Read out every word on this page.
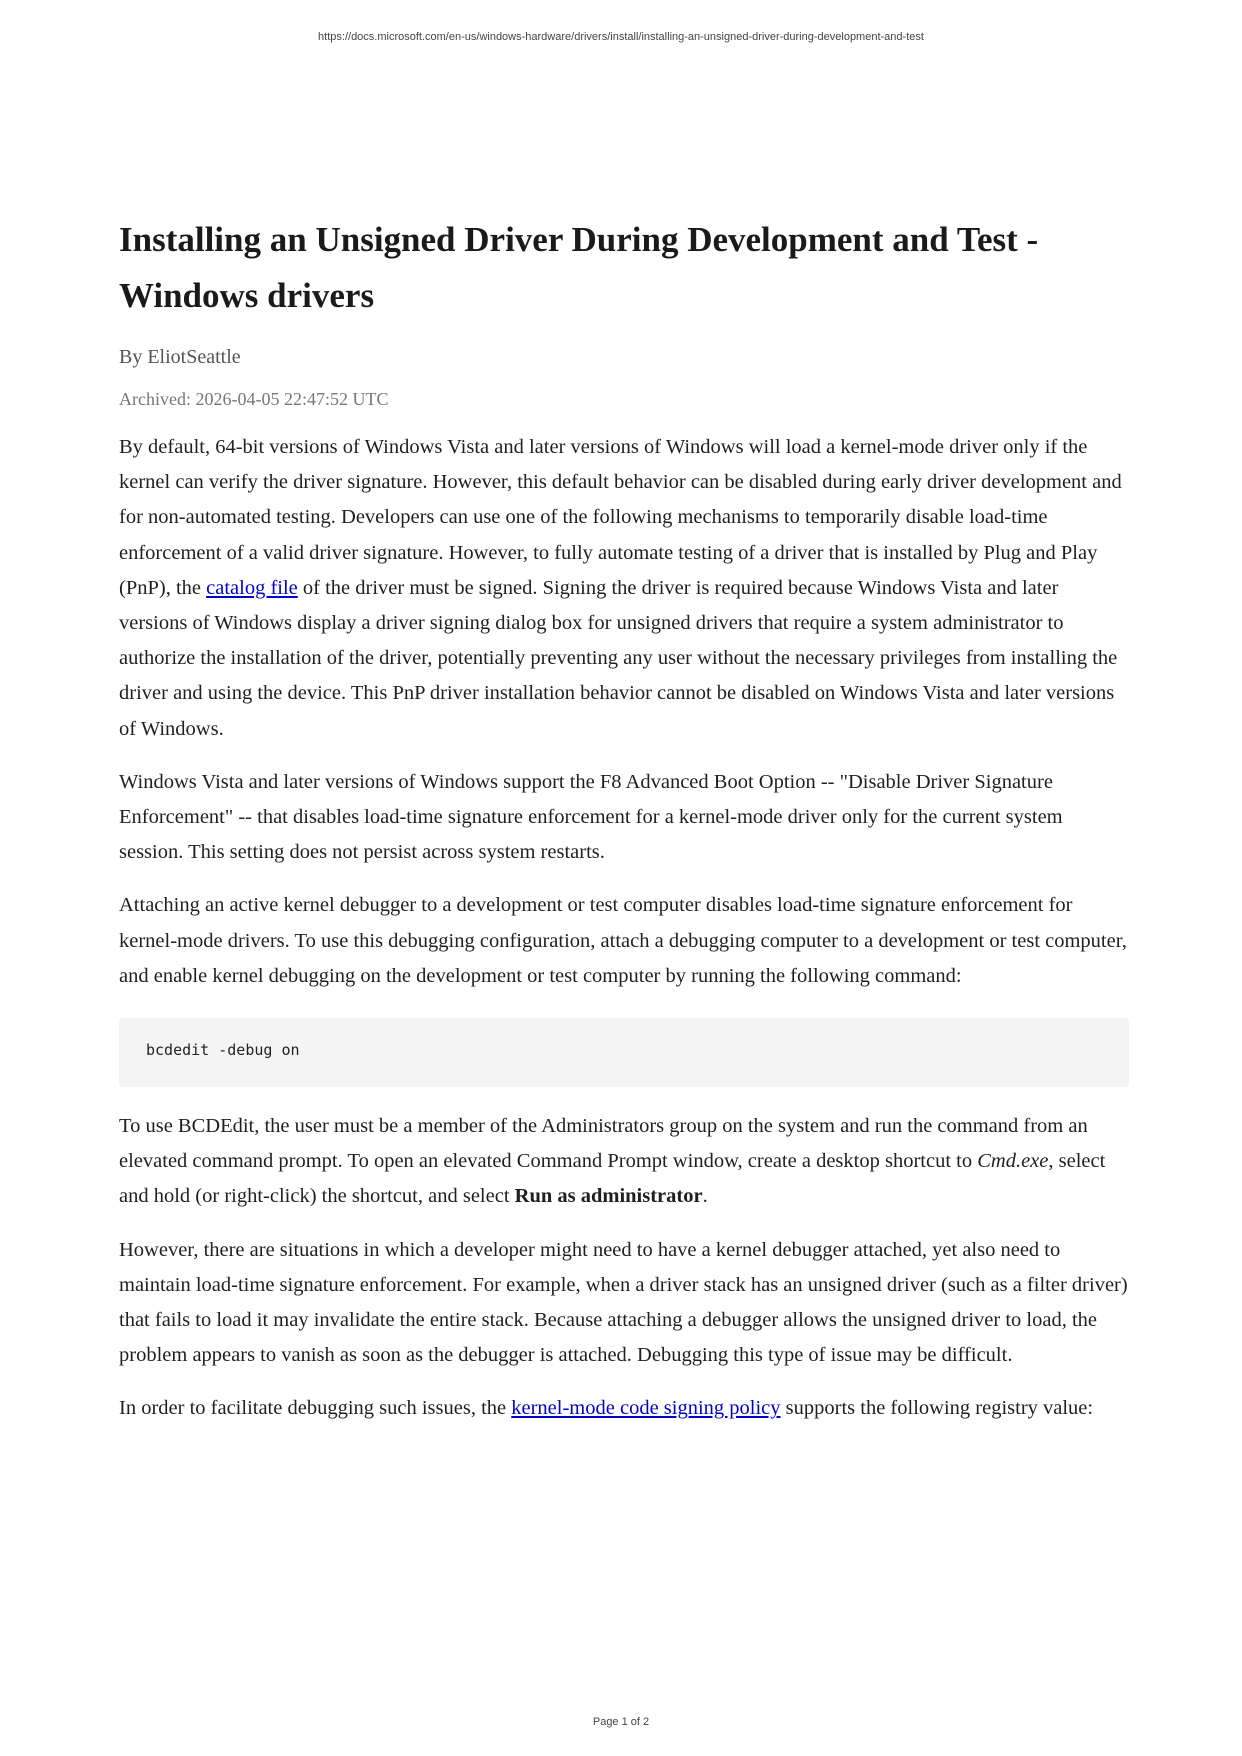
https://docs.microsoft.com/en-us/windows-hardware/drivers/install/installing-an-unsigned-driver-during-development-and-test
Installing an Unsigned Driver During Development and Test - Windows drivers
By EliotSeattle
Archived: 2026-04-05 22:47:52 UTC

By default, 64-bit versions of Windows Vista and later versions of Windows will load a kernel-mode driver only if the kernel can verify the driver signature. However, this default behavior can be disabled during early driver development and for non-automated testing. Developers can use one of the following mechanisms to temporarily disable load-time enforcement of a valid driver signature. However, to fully automate testing of a driver that is installed by Plug and Play (PnP), the catalog file of the driver must be signed. Signing the driver is required because Windows Vista and later versions of Windows display a driver signing dialog box for unsigned drivers that require a system administrator to authorize the installation of the driver, potentially preventing any user without the necessary privileges from installing the driver and using the device. This PnP driver installation behavior cannot be disabled on Windows Vista and later versions of Windows.

Windows Vista and later versions of Windows support the F8 Advanced Boot Option -- "Disable Driver Signature Enforcement" -- that disables load-time signature enforcement for a kernel-mode driver only for the current system session. This setting does not persist across system restarts.

Attaching an active kernel debugger to a development or test computer disables load-time signature enforcement for kernel-mode drivers. To use this debugging configuration, attach a debugging computer to a development or test computer, and enable kernel debugging on the development or test computer by running the following command:

bcdedit -debug on

To use BCDEdit, the user must be a member of the Administrators group on the system and run the command from an elevated command prompt. To open an elevated Command Prompt window, create a desktop shortcut to Cmd.exe, select and hold (or right-click) the shortcut, and select Run as administrator.

However, there are situations in which a developer might need to have a kernel debugger attached, yet also need to maintain load-time signature enforcement. For example, when a driver stack has an unsigned driver (such as a filter driver) that fails to load it may invalidate the entire stack. Because attaching a debugger allows the unsigned driver to load, the problem appears to vanish as soon as the debugger is attached. Debugging this type of issue may be difficult.

In order to facilitate debugging such issues, the kernel-mode code signing policy supports the following registry value:

Page 1 of 2
